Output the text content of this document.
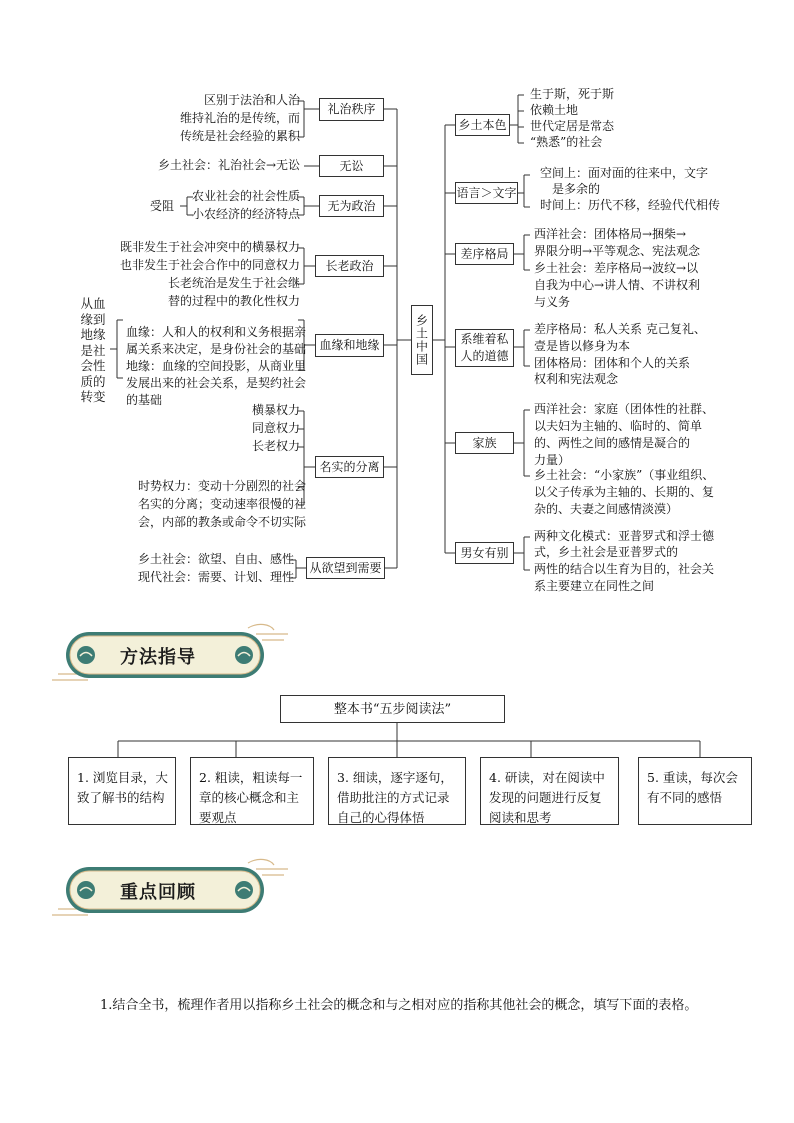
区别于法治和人治
维持礼治的是传统，而
传统是社会经验的累积
礼治秩序
乡土社会：礼治社会→无讼	无讼
受阻
农业社会的社会性质
小农经济的经济特点
无为政治
既非发生于社会冲突中的横暴权力
也非发生于社会合作中的同意权力
长老统治是发生于社会继
替的过程中的教化性权力
长老政治
从血缘到地缘是社会性质的转变
血缘：人和人的权利和义务根据亲
属关系来决定，是身份社会的基础
地缘：血缘的空间投影，从商业里
发展出来的社会关系，是契约社会
的基础
血缘和地缘
横暴权力
同意权力
长老权力
时势权力：变动十分剧烈的社会
名实的分离；变动速率很慢的社
会，内部的教条或命令不切实际
名实的分离
乡土社会：欲望、自由、感性
现代社会：需要、计划、理性
从欲望到需要
乡土中国
乡土本色
生于斯，死于斯
依赖土地
世代定居是常态
“熟悉”的社会
语言＞文字
空间上：面对面的往来中，文字
是多余的
时间上：历代不移，经验代代相传
差序格局
西洋社会：团体格局→捆柴→
界限分明→平等观念、宪法观念
乡土社会：差序格局→波纹→以
自我为中心→讲人情、不讲权利
与义务
系维着私
人的道德
差序格局：私人关系 克己复礼、
壹是皆以修身为本
团体格局：团体和个人的关系
权利和宪法观念
家族
西洋社会：家庭（团体性的社群、
以夫妇为主轴的、临时的、简单
的、两性之间的感情是凝合的
力量）
乡土社会：“小家族”（事业组织、
以父子传承为主轴的、长期的、复
杂的、夫妻之间感情淡漠）
男女有别
两种文化模式：亚普罗式和浮士德
式，乡土社会是亚普罗式的
两性的结合以生育为目的，社会关
系主要建立在同性之间
方法指导
整本书“五步阅读法”
1. 浏览目录，大致了解书的结构
2. 粗读，粗读每一章的核心概念和主要观点
3. 细读，逐字逐句，借助批注的方式记录自己的心得体悟
4. 研读，对在阅读中发现的问题进行反复阅读和思考
5. 重读，每次会有不同的感悟
重点回顾
1.结合全书，梳理作者用以指称乡土社会的概念和与之相对应的指称其他社会的概念，填写下面的表格。
